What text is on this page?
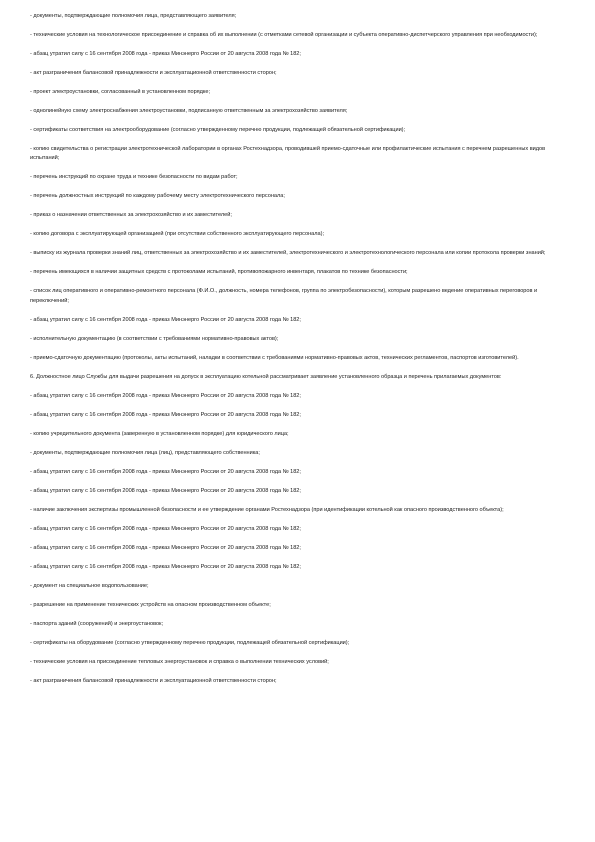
- документы, подтверждающие полномочия лица, представляющего заявителя;

- технические условия на технологическое присоединение и справка об их выполнении (с отметками сетевой организации и субъекта оперативно-диспетчерского управления при необходимости);

- абзац утратил силу с 16 сентября 2008 года - приказ Минэнерго России от 20 августа 2008 года № 182;

- акт разграничения балансовой принадлежности и эксплуатационной ответственности сторон;

- проект электроустановки, согласованный в установленном порядке;

- однолинейную схему электроснабжения электроустановки, подписанную ответственным за электрохозяйство заявителя;

- сертификаты соответствия на электрооборудование (согласно утвержденному перечню продукции, подлежащей обязательной сертификации);

- копию свидетельства о регистрации электротехнической лаборатории в органах Ростехнадзора, проводившей приемо-сдаточные или профилактические испытания с перечнем разрешенных видов испытаний;

- перечень инструкций по охране труда и технике безопасности по видам работ;

- перечень должностных инструкций по каждому рабочему месту электротехнического персонала;

- приказ о назначении ответственных за электрохозяйство и их заместителей;

- копию договора с эксплуатирующей организацией (при отсутствии собственного эксплуатирующего персонала);

- выписку из журнала проверки знаний лиц, ответственных за электрохозяйство и их заместителей, электротехнического и электротехнологического персонала или копии протокола проверки знаний;

- перечень имеющихся в наличии защитных средств с протоколами испытаний, противопожарного инвентаря, плакатов по технике безопасности;

- список лиц оперативного и оперативно-ремонтного персонала (Ф.И.О., должность, номера телефонов, группа по электробезопасности), которым разрешено ведение оперативных переговоров и переключений;

- абзац утратил силу с 16 сентября 2008 года - приказ Минэнерго России от 20 августа 2008 года № 182;

- исполнительную документацию (в соответствии с требованиями нормативно-правовых актов);

- приемо-сдаточную документацию (протоколы, акты испытаний, наладки в соответствии с требованиями нормативно-правовых актов, технических регламентов, паспортов изготовителей).

6. Должностное лицо Службы для выдачи разрешения на допуск в эксплуатацию котельной рассматривает заявление установленного образца и перечень прилагаемых документов:

- абзац утратил силу с 16 сентября 2008 года - приказ Минэнерго России от 20 августа 2008 года № 182;

- абзац утратил силу с 16 сентября 2008 года - приказ Минэнерго России от 20 августа 2008 года № 182;

- копию учредительного документа (заверенную в установленном порядке) для юридического лица;

- документы, подтверждающие полномочия лица (лиц), представляющего собственника;

- абзац утратил силу с 16 сентября 2008 года - приказ Минэнерго России от 20 августа 2008 года № 182;

- абзац утратил силу с 16 сентября 2008 года - приказ Минэнерго России от 20 августа 2008 года № 182;

- наличие заключения экспертизы промышленной безопасности и ее утверждение органами Ростехнадзора (при идентификации котельной как опасного производственного объекта);

- абзац утратил силу с 16 сентября 2008 года - приказ Минэнерго России от 20 августа 2008 года № 182;

- абзац утратил силу с 16 сентября 2008 года - приказ Минэнерго России от 20 августа 2008 года № 182;

- абзац утратил силу с 16 сентября 2008 года - приказ Минэнерго России от 20 августа 2008 года № 182;

- документ на специальное водопользование;

- разрешение на применение технических устройств на опасном производственном объекте;

- паспорта зданий (сооружений) и энергоустановок;

- сертификаты на оборудование (согласно утвержденному перечню продукции, подлежащей обязательной сертификации);

- технические условия на присоединение тепловых энергоустановок и справка о выполнении технических условий;

- акт разграничения балансовой принадлежности и эксплуатационной ответственности сторон;
